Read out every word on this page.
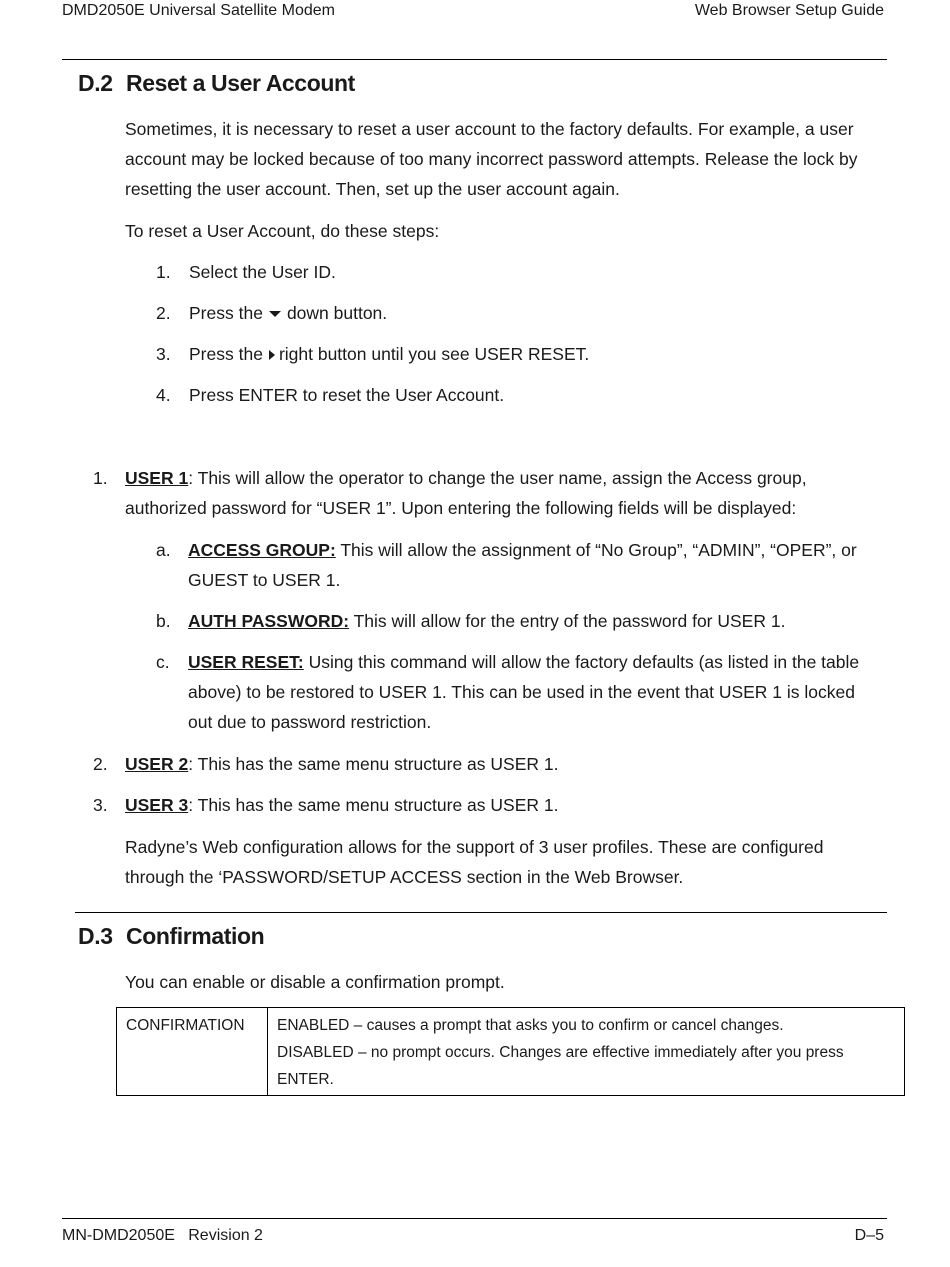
DMD2050E Universal Satellite Modem	Web Browser Setup Guide
D.2 Reset a User Account

Sometimes, it is necessary to reset a user account to the factory defaults. For example, a user account may be locked because of too many incorrect password attempts. Release the lock by resetting the user account. Then, set up the user account again.

To reset a User Account, do these steps:

1. Select the User ID.
2. Press the down button.
3. Press the right button until you see USER RESET.
4. Press ENTER to reset the User Account.
1. USER 1: This will allow the operator to change the user name, assign the Access group, authorized password for “USER 1”. Upon entering the following fields will be displayed:
a. ACCESS GROUP: This will allow the assignment of “No Group”, “ADMIN”, “OPER”, or GUEST to USER 1.
b. AUTH PASSWORD: This will allow for the entry of the password for USER 1.
c. USER RESET: Using this command will allow the factory defaults (as listed in the table above) to be restored to USER 1. This can be used in the event that USER 1 is locked out due to password restriction.
2. USER 2: This has the same menu structure as USER 1.
3. USER 3: This has the same menu structure as USER 1.

Radyne’s Web configuration allows for the support of 3 user profiles. These are configured through the ‘PASSWORD/SETUP ACCESS section in the Web Browser.

D.3 Confirmation

You can enable or disable a confirmation prompt.

CONFIRMATION	ENABLED – causes a prompt that asks you to confirm or cancel changes.
DISABLED – no prompt occurs. Changes are effective immediately after you press ENTER.
MN-DMD2050E   Revision 2	D–5
